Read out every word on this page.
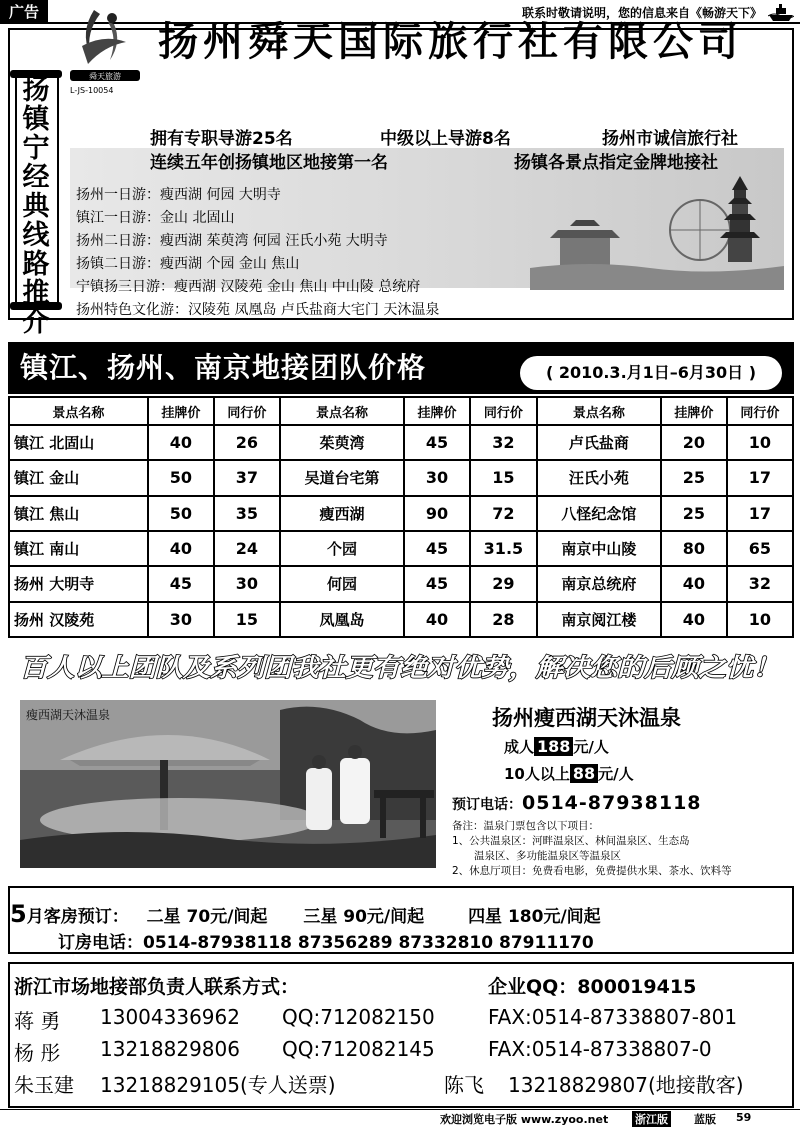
广告	联系时敬请说明，您的信息来自《畅游天下》
舜天旅游
L-JS-10054
扬州舜天国际旅行社有限公司
扬镇宁经典线路推介
拥有专职导游25名	中级以上导游8名	扬州市诚信旅行社
连续五年创扬镇地区地接第一名	扬镇各景点指定金牌地接社
扬州一日游：瘦西湖 何园 大明寺
镇江一日游：金山 北固山
扬州二日游：瘦西湖 茱萸湾 何园 汪氏小苑 大明寺
扬镇二日游：瘦西湖 个园 金山 焦山
宁镇扬三日游：瘦西湖 汉陵苑 金山 焦山 中山陵 总统府
扬州特色文化游：汉陵苑 凤凰岛 卢氏盐商大宅门 天沐温泉
镇江、扬州、南京地接团队价格	( 2010.3.月1日–6月30日 )
景点名称	挂牌价	同行价	景点名称	挂牌价	同行价	景点名称	挂牌价	同行价
镇江 北固山	40	26	茱萸湾	45	32	卢氏盐商	20	10
镇江 金山	50	37	吴道台宅第	30	15	汪氏小苑	25	17
镇江 焦山	50	35	瘦西湖	90	72	八怪纪念馆	25	17
镇江 南山	40	24	个园	45	31.5	南京中山陵	80	65
扬州 大明寺	45	30	何园	45	29	南京总统府	40	32
扬州 汉陵苑	30	15	凤凰岛	40	28	南京阅江楼	40	10
百人以上团队及系列团我社更有绝对优势，解决您的后顾之忧！
瘦西湖天沐温泉	扬州瘦西湖天沐温泉
成人 188 元/人
10人以上 88 元/人
预订电话：0514-87938118
备注：温泉门票包含以下项目：
1、公共温泉区：河畔温泉区、林间温泉区、生态岛
温泉区、多功能温泉区等温泉区
2、休息厅项目：免费看电影，免费提供水果、茶水、饮料等
5月客房预订： 二星 70元/间起 三星 90元/间起	四星 180元/间起
订房电话：0514-87938118 87356289 87332810 87911170
浙江市场地接部负责人联系方式：	企业QQ：800019415
蒋 勇 13004336962 QQ:712082150	FAX:0514-87338807-801
杨 彤 13218829806 QQ:712082145	FAX:0514-87338807-0
朱玉建 13218829105(专人送票)	陈飞 13218829807(地接散客)
欢迎浏览电子版 www.zyoo.net 浙江版 蓝版 59
